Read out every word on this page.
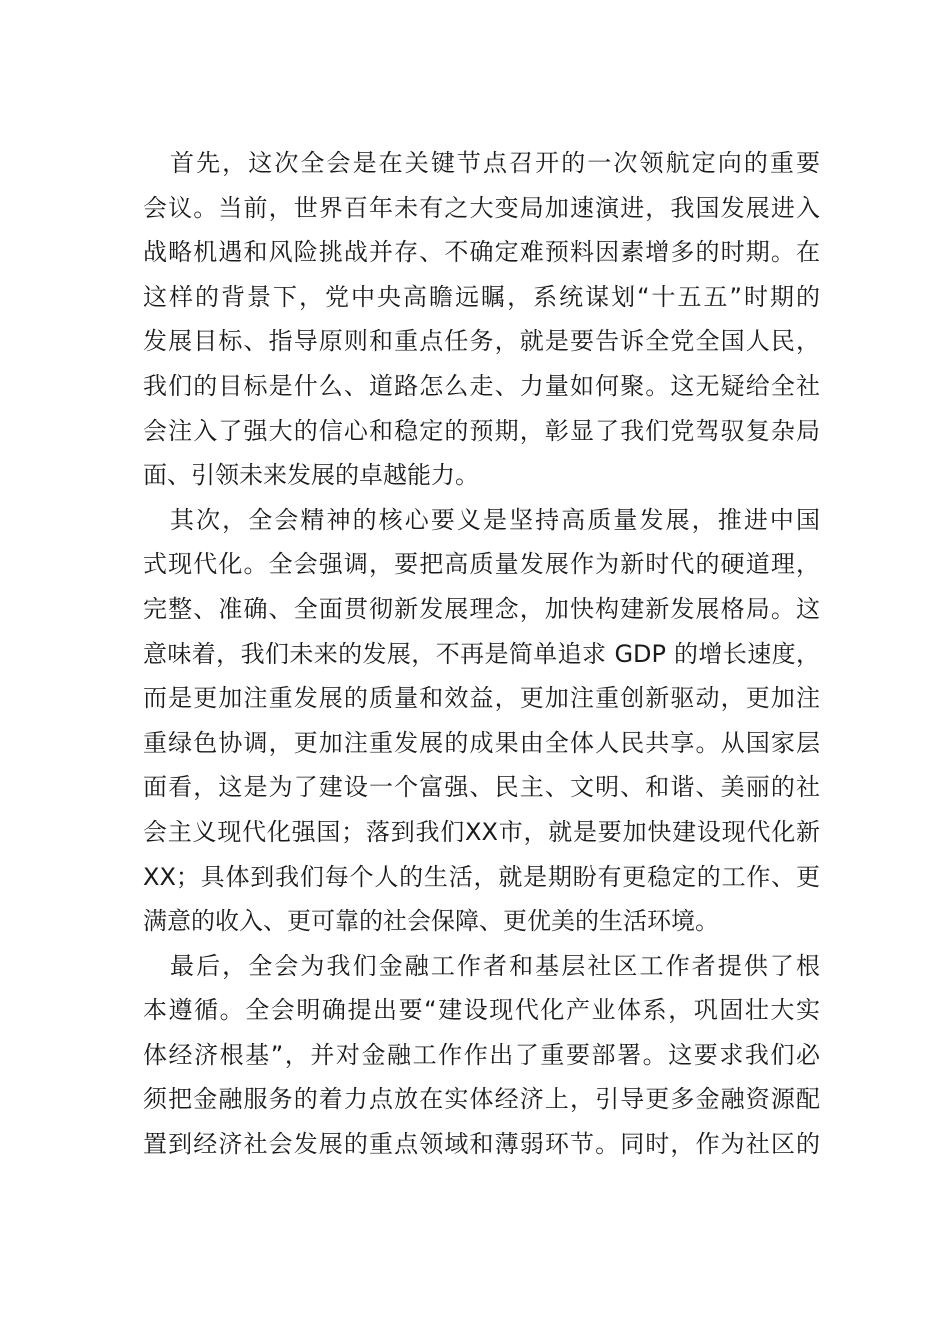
首先，这次全会是在关键节点召开的一次领航定向的重要
会议。当前，世界百年未有之大变局加速演进，我国发展进入
战略机遇和风险挑战并存、不确定难预料因素增多的时期。在
这样的背景下，党中央高瞻远瞩，系统谋划“十五五”时期的
发展目标、指导原则和重点任务，就是要告诉全党全国人民，
我们的目标是什么、道路怎么走、力量如何聚。这无疑给全社
会注入了强大的信心和稳定的预期，彰显了我们党驾驭复杂局
面、引领未来发展的卓越能力。
其次，全会精神的核心要义是坚持高质量发展，推进中国
式现代化。全会强调，要把高质量发展作为新时代的硬道理，
完整、准确、全面贯彻新发展理念，加快构建新发展格局。这
意味着，我们未来的发展，不再是简单追求 GDP 的增长速度，
而是更加注重发展的质量和效益，更加注重创新驱动，更加注
重绿色协调，更加注重发展的成果由全体人民共享。从国家层
面看，这是为了建设一个富强、民主、文明、和谐、美丽的社
会主义现代化强国；落到我们XX市，就是要加快建设现代化新
XX；具体到我们每个人的生活，就是期盼有更稳定的工作、更
满意的收入、更可靠的社会保障、更优美的生活环境。
最后，全会为我们金融工作者和基层社区工作者提供了根
本遵循。全会明确提出要“建设现代化产业体系，巩固壮大实
体经济根基”，并对金融工作作出了重要部署。这要求我们必
须把金融服务的着力点放在实体经济上，引导更多金融资源配
置到经济社会发展的重点领域和薄弱环节。同时，作为社区的
